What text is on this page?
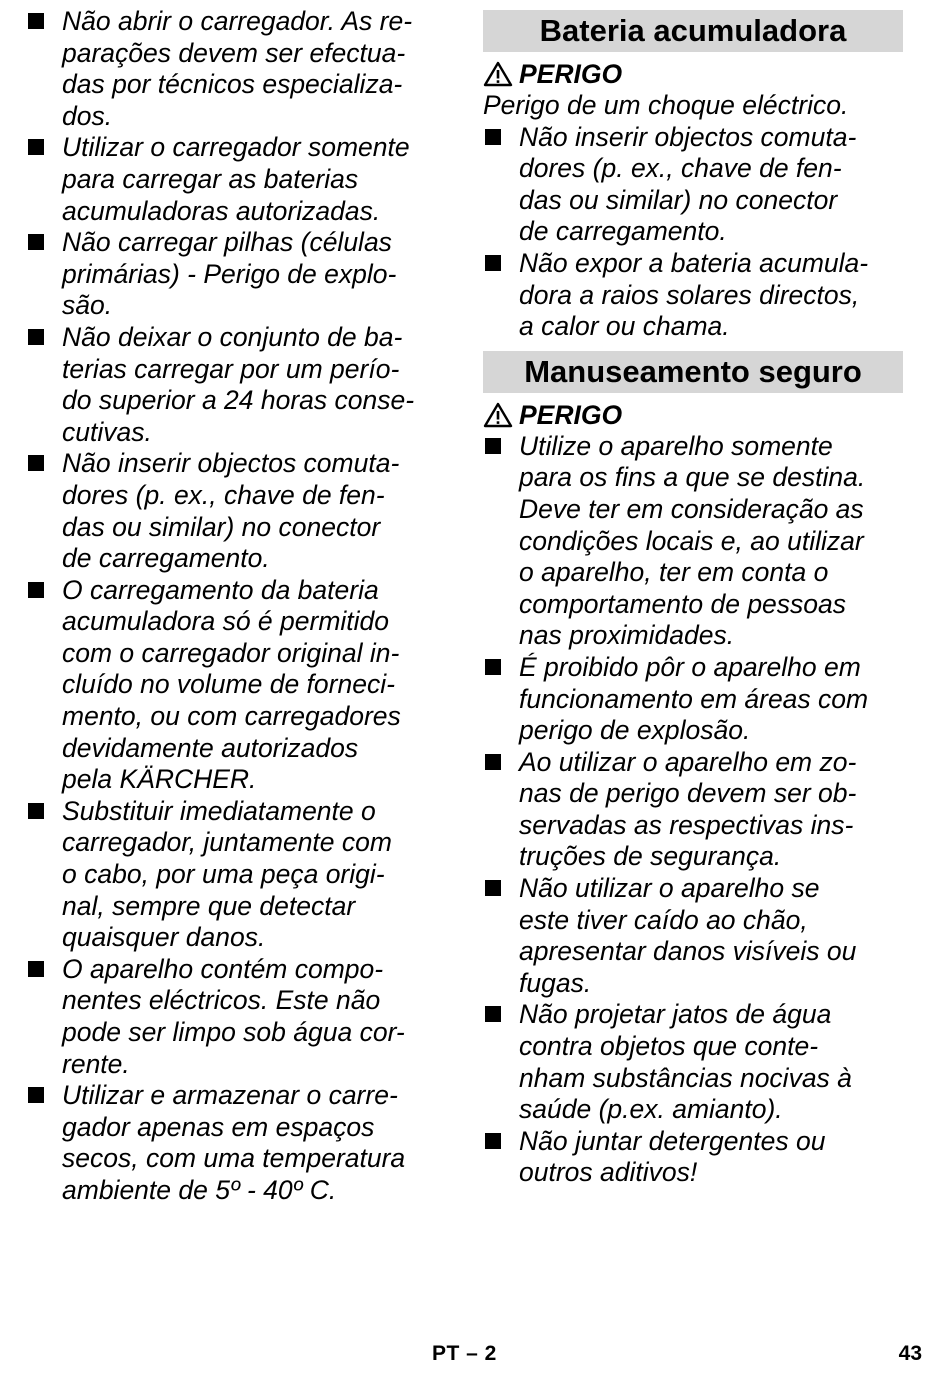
Não abrir o carregador. As re-
parações devem ser efectua-
das por técnicos especializa-
dos.
Utilizar o carregador somente
para carregar as baterias
acumuladoras autorizadas.
Não carregar pilhas (células
primárias) - Perigo de explo-
são.
Não deixar o conjunto de ba-
terias carregar por um perío-
do superior a 24 horas conse-
cutivas.
Não inserir objectos comuta-
dores (p. ex., chave de fen-
das ou similar) no conector
de carregamento.
O carregamento da bateria
acumuladora só é permitido
com o carregador original in-
cluído no volume de forneci-
mento, ou com carregadores
devidamente autorizados
pela KÄRCHER.
Substituir imediatamente o
carregador, juntamente com
o cabo, por uma peça origi-
nal, sempre que detectar
quaisquer danos.
O aparelho contém compo-
nentes eléctricos. Este não
pode ser limpo sob água cor-
rente.
Utilizar e armazenar o carre-
gador apenas em espaços
secos, com uma temperatura
ambiente de 5º - 40º C.
Bateria acumuladora
PERIGO
Perigo de um choque eléctrico.
Não inserir objectos comuta-
dores (p. ex., chave de fen-
das ou similar) no conector
de carregamento.
Não expor a bateria acumula-
dora a raios solares directos,
a calor ou chama.
Manuseamento seguro
PERIGO
Utilize o aparelho somente
para os fins a que se destina.
Deve ter em consideração as
condições locais e, ao utilizar
o aparelho, ter em conta o
comportamento de pessoas
nas proximidades.
É proibido pôr o aparelho em
funcionamento em áreas com
perigo de explosão.
Ao utilizar o aparelho em zo-
nas de perigo devem ser ob-
servadas as respectivas ins-
truções de segurança.
Não utilizar o aparelho se
este tiver caído ao chão,
apresentar danos visíveis ou
fugas.
Não projetar jatos de água
contra objetos que conte-
nham substâncias nocivas à
saúde (p.ex. amianto).
Não juntar detergentes ou
outros aditivos!
PT – 2	43
